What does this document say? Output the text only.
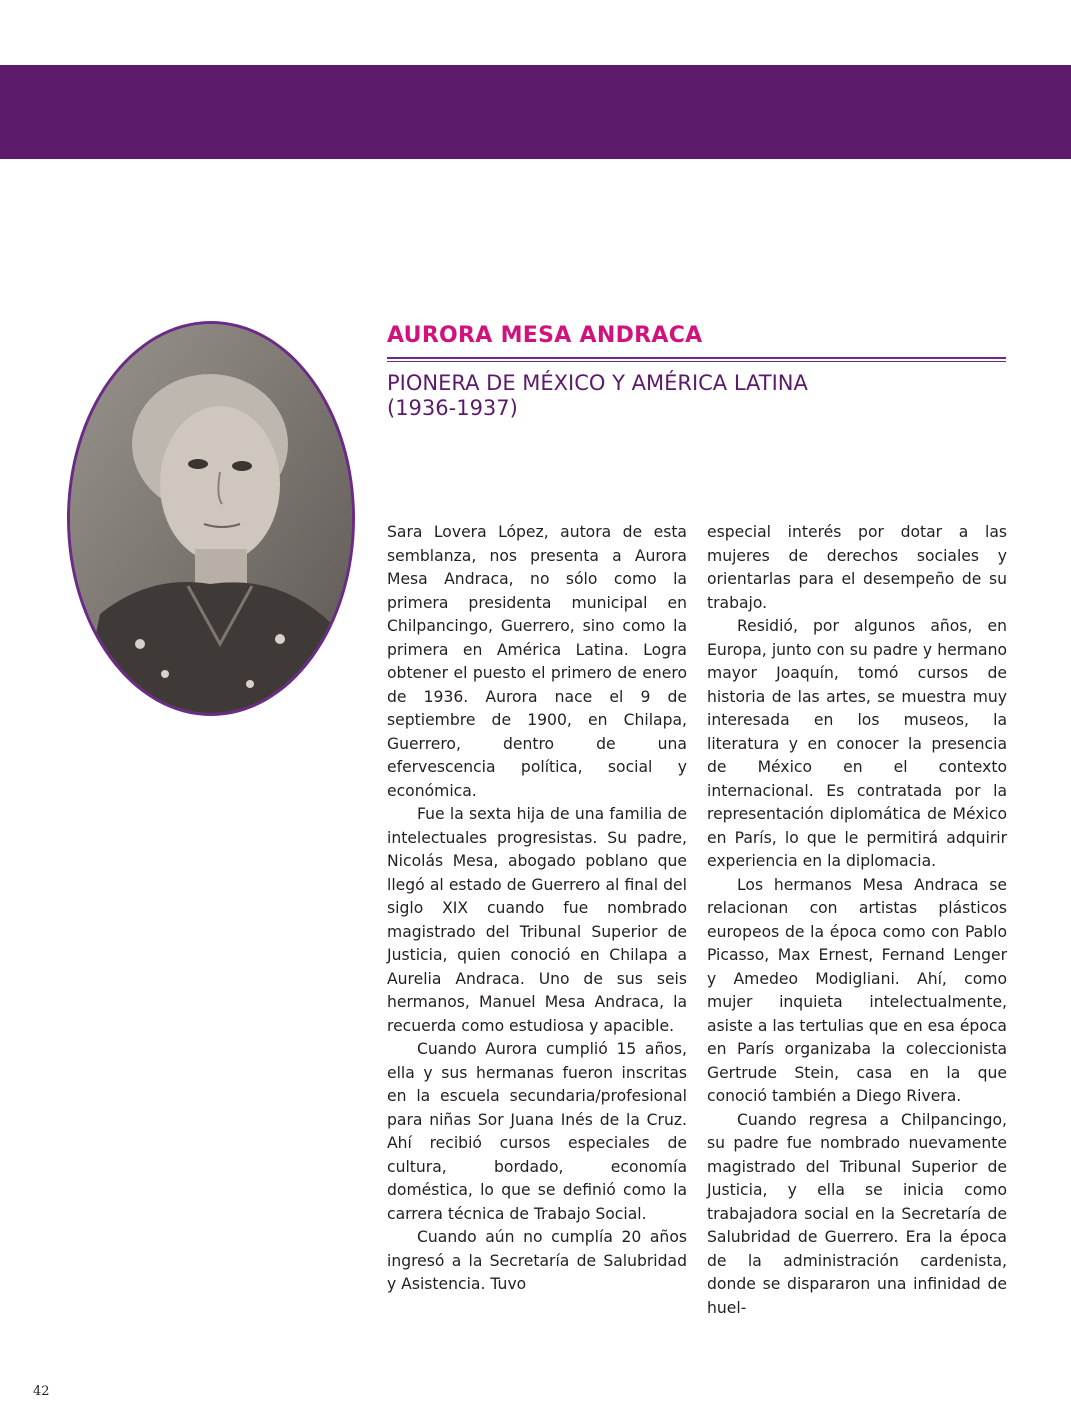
AURORA MESA ANDRACA
PIONERA DE MÉXICO Y AMÉRICA LATINA
(1936-1937)

Sara Lovera López, autora de esta semblanza, nos presenta a Aurora Mesa Andraca, no sólo como la primera presidenta municipal en Chilpancingo, Guerrero, sino como la primera en América Latina. Logra obtener el puesto el primero de enero de 1936. Aurora nace el 9 de septiembre de 1900, en Chilapa, Guerrero, dentro de una efervescencia política, social y económica.

Fue la sexta hija de una familia de intelectuales progresistas. Su padre, Nicolás Mesa, abogado poblano que llegó al estado de Guerrero al final del siglo XIX cuando fue nombrado magistrado del Tribunal Superior de Justicia, quien conoció en Chilapa a Aurelia Andraca. Uno de sus seis hermanos, Manuel Mesa Andraca, la recuerda como estudiosa y apacible.

Cuando Aurora cumplió 15 años, ella y sus hermanas fueron inscritas en la escuela secundaria/profesional para niñas Sor Juana Inés de la Cruz. Ahí recibió cursos especiales de cultura, bordado, economía doméstica, lo que se definió como la carrera técnica de Trabajo Social.

Cuando aún no cumplía 20 años ingresó a la Secretaría de Salubridad y Asistencia. Tuvo

especial interés por dotar a las mujeres de derechos sociales y orientarlas para el desempeño de su trabajo.

Residió, por algunos años, en Europa, junto con su padre y hermano mayor Joaquín, tomó cursos de historia de las artes, se muestra muy interesada en los museos, la literatura y en conocer la presencia de México en el contexto internacional. Es contratada por la representación diplomática de México en París, lo que le permitirá adquirir experiencia en la diplomacia.

Los hermanos Mesa Andraca se relacionan con artistas plásticos europeos de la época como con Pablo Picasso, Max Ernest, Fernand Lenger y Amedeo Modigliani. Ahí, como mujer inquieta intelectualmente, asiste a las tertulias que en esa época en París organizaba la coleccionista Gertrude Stein, casa en la que conoció también a Diego Rivera.

Cuando regresa a Chilpancingo, su padre fue nombrado nuevamente magistrado del Tribunal Superior de Justicia, y ella se inicia como trabajadora social en la Secretaría de Salubridad de Guerrero. Era la época de la administración cardenista, donde se dispararon una infinidad de huel-

42
